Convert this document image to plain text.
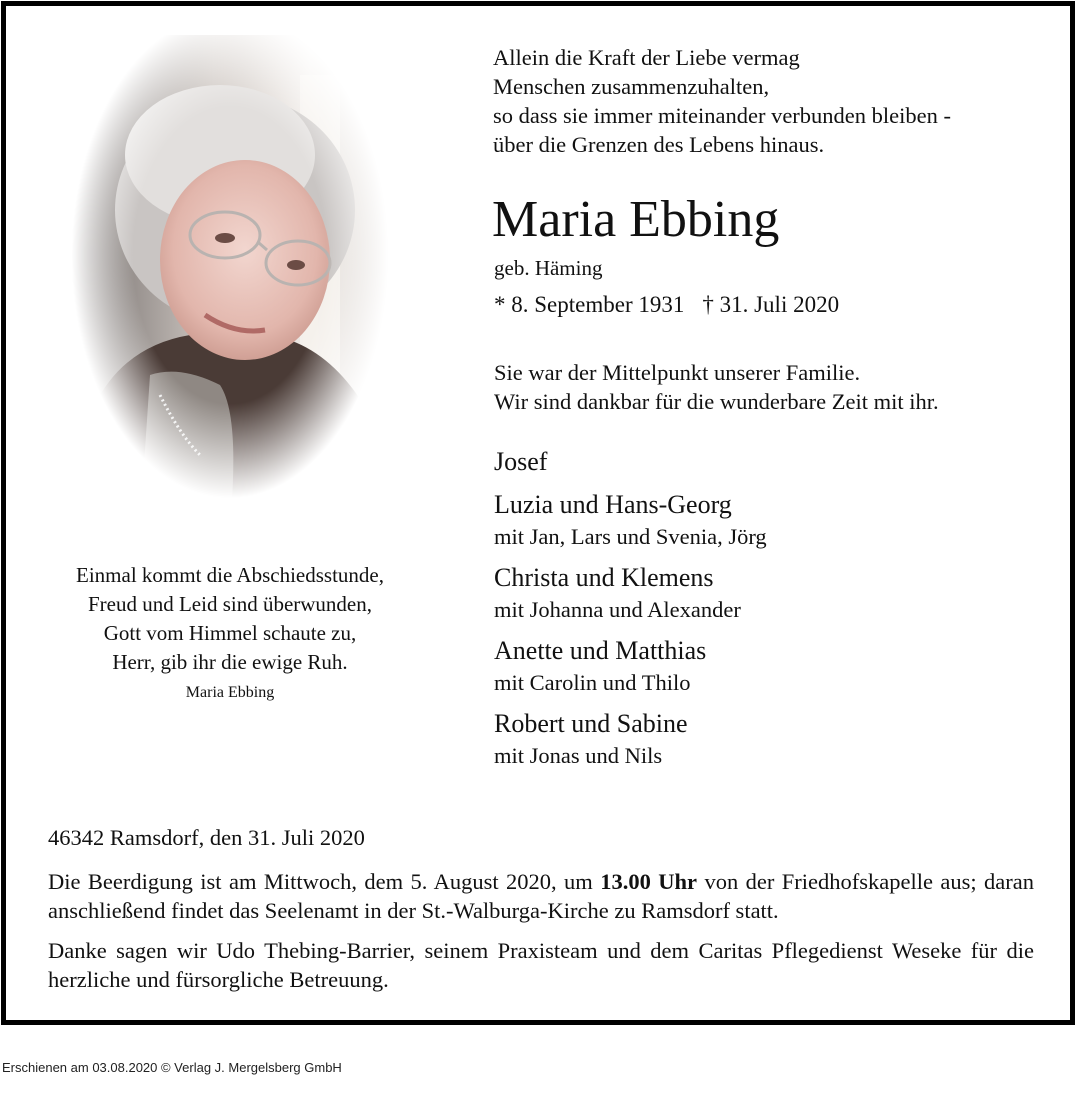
Allein die Kraft der Liebe vermag
Menschen zusammenzuhalten,
so dass sie immer miteinander verbunden bleiben -
über die Grenzen des Lebens hinaus.
Maria Ebbing
geb. Häming
* 8. September 1931 † 31. Juli 2020
Sie war der Mittelpunkt unserer Familie.
Wir sind dankbar für die wunderbare Zeit mit ihr.
Josef
Luzia und Hans-Georg
mit Jan, Lars und Svenia, Jörg
Christa und Klemens
mit Johanna und Alexander
Anette und Matthias
mit Carolin und Thilo
Robert und Sabine
mit Jonas und Nils
Einmal kommt die Abschiedsstunde,
Freud und Leid sind überwunden,
Gott vom Himmel schaute zu,
Herr, gib ihr die ewige Ruh.
Maria Ebbing
46342 Ramsdorf, den 31. Juli 2020
Die Beerdigung ist am Mittwoch, dem 5. August 2020, um 13.00 Uhr von der Friedhofskapelle aus; daran anschließend findet das Seelenamt in der St.-Walburga-Kirche zu Ramsdorf statt.
Danke sagen wir Udo Thebing-Barrier, seinem Praxisteam und dem Caritas Pflegedienst Weseke für die herzliche und fürsorgliche Betreuung.
Erschienen am 03.08.2020 © Verlag J. Mergelsberg GmbH
